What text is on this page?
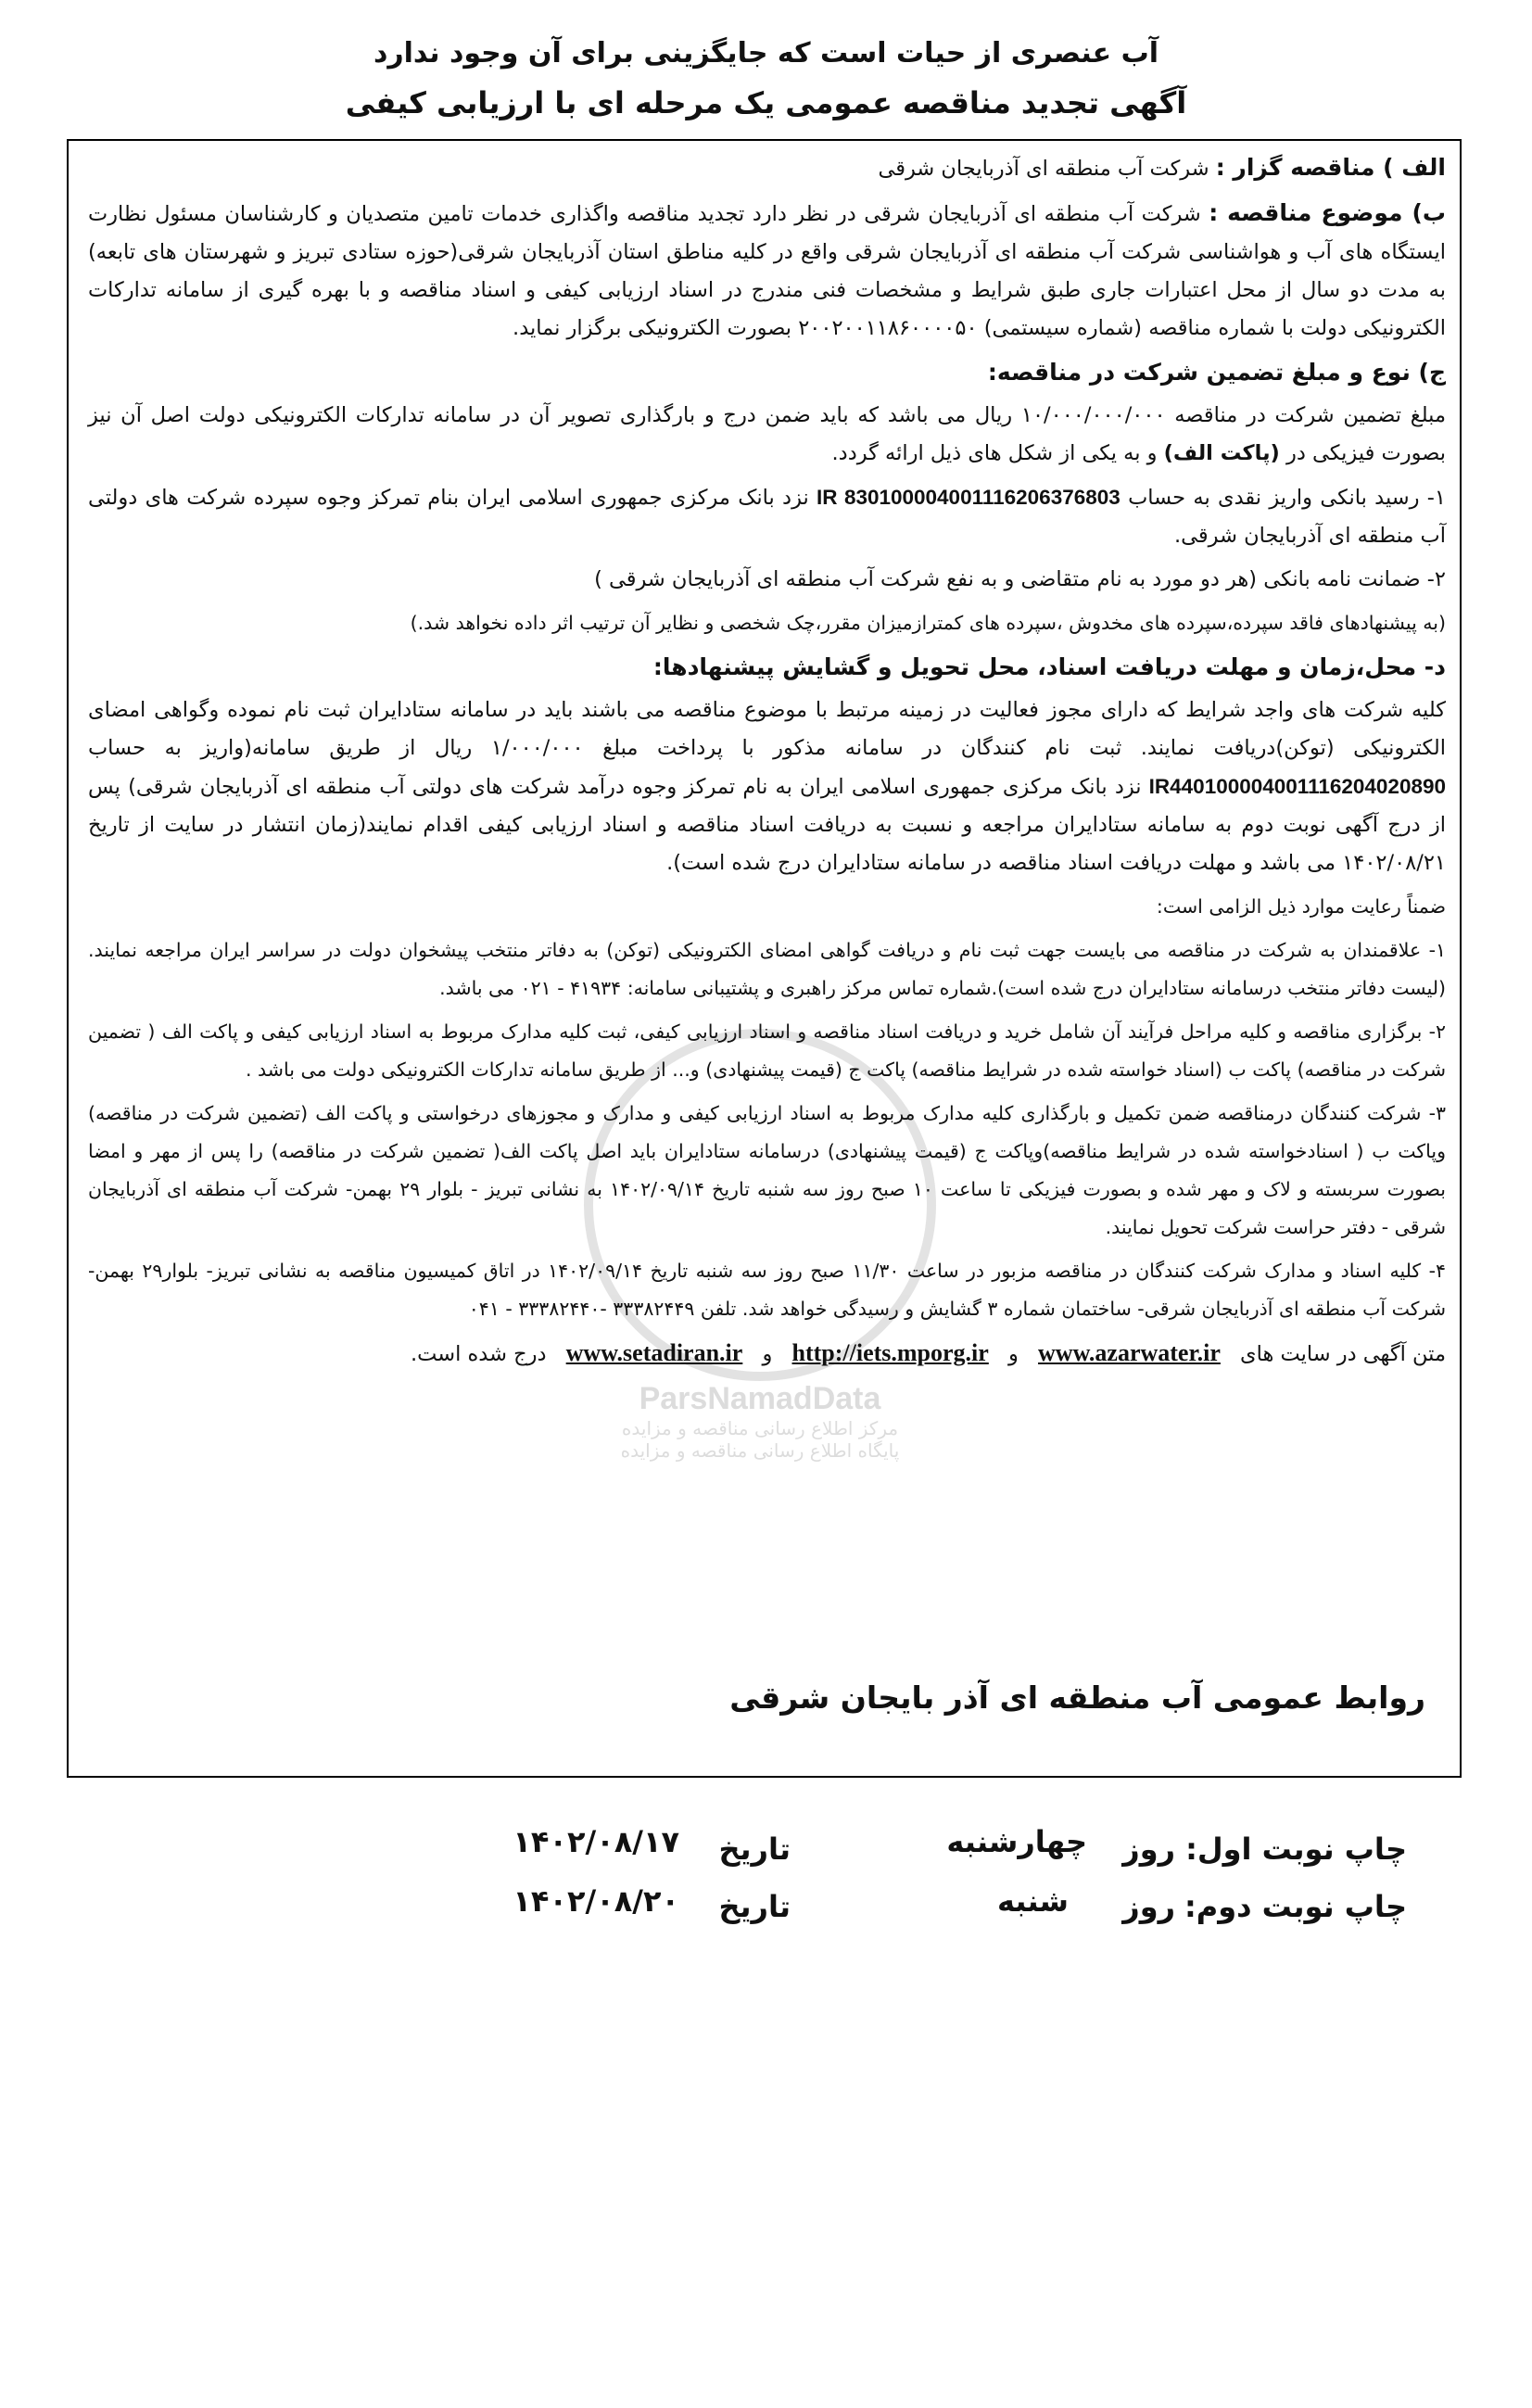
آب عنصری از حیات است که جایگزینی برای آن وجود ندارد
آگهی تجدید مناقصه عمومی یک مرحله ای با ارزیابی کیفی
ParsNamadData
مرکز اطلاع رسانی مناقصه و مزایده
پایگاه اطلاع رسانی مناقصه و مزایده

الف ) مناقصه گزار : شرکت آب منطقه ای آذربایجان شرقی

ب) موضوع مناقصه : شرکت آب منطقه ای آذربایجان شرقی در نظر دارد تجدید مناقصه واگذاری خدمات تامین متصدیان و کارشناسان مسئول نظارت ایستگاه های آب و هواشناسی شرکت آب منطقه ای آذربایجان شرقی واقع در کلیه مناطق استان آذربایجان شرقی(حوزه ستادی تبریز و شهرستان های تابعه) به مدت دو سال از محل اعتبارات جاری طبق شرایط و مشخصات فنی مندرج در اسناد ارزیابی کیفی و اسناد مناقصه و با بهره گیری از سامانه تدارکات الکترونیکی دولت با شماره مناقصه (شماره سیستمی) ۲۰۰۲۰۰۱۱۸۶۰۰۰۰۵۰ بصورت الکترونیکی برگزار نماید.

ج) نوع و مبلغ تضمین شرکت در مناقصه:

مبلغ تضمین شرکت در مناقصه ۱۰/۰۰۰/۰۰۰/۰۰۰ ریال می باشد که باید ضمن درج و بارگذاری تصویر آن در سامانه تدارکات الکترونیکی دولت اصل آن نیز بصورت فیزیکی در (پاکت الف) و به یکی از شکل های ذیل ارائه گردد.

۱- رسید بانکی واریز نقدی به حساب IR 830100004001116206376803 نزد بانک مرکزی جمهوری اسلامی ایران بنام تمرکز وجوه سپرده شرکت های دولتی آب منطقه ای آذربایجان شرقی.

۲- ضمانت نامه بانکی (هر دو مورد به نام متقاضی و به نفع شرکت آب منطقه ای آذربایجان شرقی )

(به پیشنهادهای فاقد سپرده،سپرده های مخدوش ،سپرده های کمترازمیزان مقرر،چک شخصی و نظایر آن ترتیب اثر داده نخواهد شد.)

د- محل،زمان و مهلت دریافت اسناد، محل تحویل و گشایش پیشنهادها:

کلیه شرکت های واجد شرایط که دارای مجوز فعالیت در زمینه مرتبط با موضوع مناقصه می باشند باید در سامانه ستادایران ثبت نام نموده وگواهی امضای الکترونیکی (توکن)دریافت نمایند. ثبت نام کنندگان در سامانه مذکور با پرداخت مبلغ ۱/۰۰۰/۰۰۰ ریال از طریق سامانه(واریز به حساب IR440100004001116204020890 نزد بانک مرکزی جمهوری اسلامی ایران به نام تمرکز وجوه درآمد شرکت های دولتی آب منطقه ای آذربایجان شرقی) پس از درج آگهی نوبت دوم به سامانه ستادایران مراجعه و نسبت به دریافت اسناد مناقصه و اسناد ارزیابی کیفی اقدام نمایند(زمان انتشار در سایت از تاریخ ۱۴۰۲/۰۸/۲۱ می باشد و مهلت دریافت اسناد مناقصه در سامانه ستادایران درج شده است).

ضمناً رعایت موارد ذیل الزامی است:

۱- علاقمندان به شرکت در مناقصه می بایست جهت ثبت نام و دریافت گواهی امضای الکترونیکی (توکن) به دفاتر منتخب پیشخوان دولت در سراسر ایران مراجعه نمایند.(لیست دفاتر منتخب درسامانه ستادایران درج شده است).شماره تماس مرکز راهبری و پشتیبانی سامانه: ۴۱۹۳۴ - ۰۲۱ می باشد.

۲- برگزاری مناقصه و کلیه مراحل فرآیند آن شامل خرید و دریافت اسناد مناقصه و اسناد ارزیابی کیفی، ثبت کلیه مدارک مربوط به اسناد ارزیابی کیفی و پاکت الف ( تضمین شرکت در مناقصه) پاکت ب (اسناد خواسته شده در شرایط مناقصه) پاکت ج (قیمت پیشنهادی) و... از طریق سامانه تدارکات الکترونیکی دولت می باشد .

۳- شرکت کنندگان درمناقصه ضمن تکمیل و بارگذاری کلیه مدارک مربوط به اسناد ارزیابی کیفی و مدارک و مجوزهای درخواستی و پاکت الف (تضمین شرکت در مناقصه) وپاکت ب ( اسنادخواسته شده در شرایط مناقصه)وپاکت ج (قیمت پیشنهادی) درسامانه ستادایران باید اصل پاکت الف( تضمین شرکت در مناقصه) را پس از مهر و امضا بصورت سربسته و لاک و مهر شده و بصورت فیزیکی تا ساعت ۱۰ صبح روز سه شنبه تاریخ ۱۴۰۲/۰۹/۱۴ به نشانی تبریز - بلوار ۲۹ بهمن- شرکت آب منطقه ای آذربایجان شرقی - دفتر حراست شرکت تحویل نمایند.

۴- کلیه اسناد و مدارک شرکت کنندگان در مناقصه مزبور در ساعت ۱۱/۳۰ صبح روز سه شنبه تاریخ ۱۴۰۲/۰۹/۱۴ در اتاق کمیسیون مناقصه به نشانی تبریز- بلوار۲۹ بهمن- شرکت آب منطقه ای آذربایجان شرقی- ساختمان شماره ۳ گشایش و رسیدگی خواهد شد. تلفن ۳۳۳۸۲۴۴۹ -۳۳۳۸۲۴۴۰ - ۰۴۱

متن آگهی در سایت های www.azarwater.ir و http://iets.mporg.ir و www.setadiran.ir درج شده است.

روابط عمومی آب منطقه ای آذر بایجان شرقی
چاپ نوبت اول:
روز
چهارشنبه
تاریخ
۱۴۰۲/۰۸/۱۷
چاپ نوبت دوم:
روز
شنبه
تاریخ
۱۴۰۲/۰۸/۲۰
